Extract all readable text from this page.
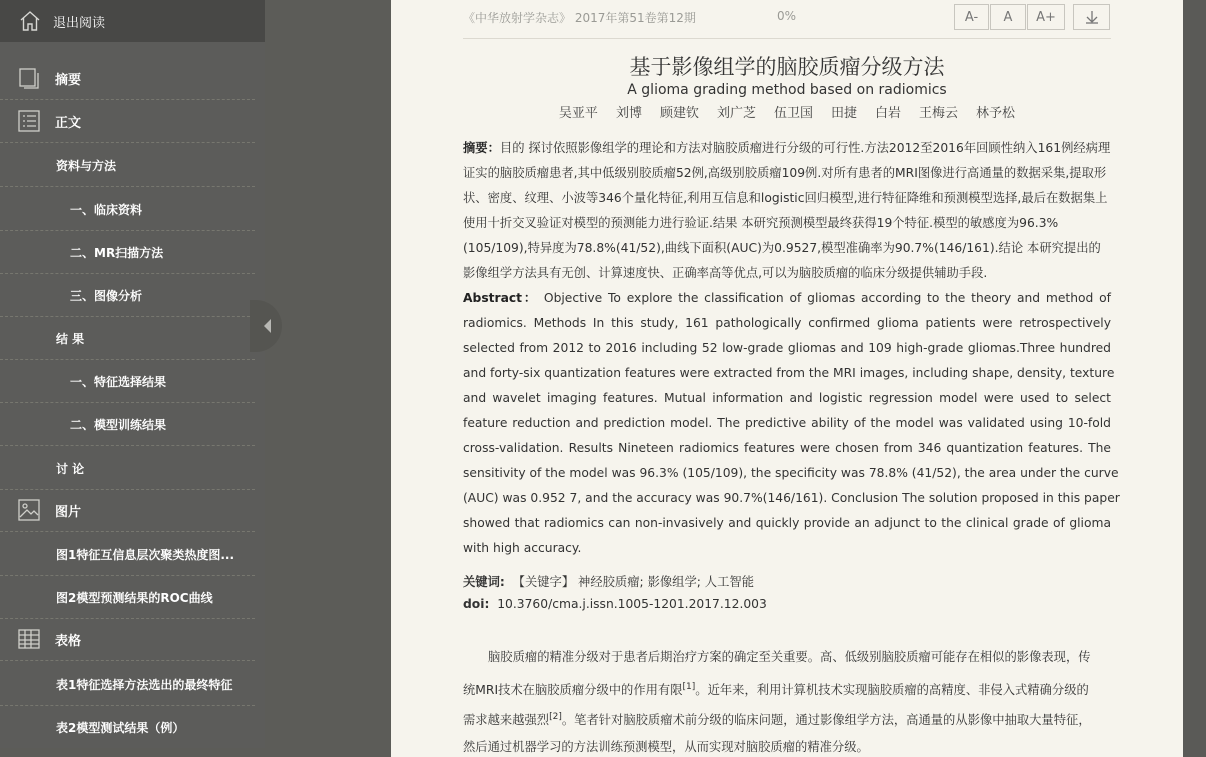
退出阅读
摘要
正文
资料与方法
一、临床资料
二、MR扫描方法
三、图像分析
结 果
一、特征选择结果
二、模型训练结果
讨 论
图片
图1特征互信息层次聚类热度图...
图2模型预测结果的ROC曲线
表格
表1特征选择方法选出的最终特征
表2模型测试结果（例）
《中华放射学杂志》 2017年第51卷第12期	0%	A-	A	A+
基于影像组学的脑胶质瘤分级方法
A glioma grading method based on radiomics
吴亚平 刘博 顾建钦 刘广芝 伍卫国 田捷 白岩 王梅云 林予松
摘要：目的 探讨依照影像组学的理论和方法对脑胶质瘤进行分级的可行性.方法2012至2016年回顾性纳入161例经病理证实的脑胶质瘤患者,其中低级别胶质瘤52例,高级别胶质瘤109例.对所有患者的MRI图像进行高通量的数据采集,提取形状、密度、纹理、小波等346个量化特征,利用互信息和logistic回归模型,进行特征降维和预测模型选择,最后在数据集上使用十折交叉验证对模型的预测能力进行验证.结果 本研究预测模型最终获得19个特征.模型的敏感度为96.3%(105/109),特异度为78.8%(41/52),曲线下面积(AUC)为0.9527,模型准确率为90.7%(146/161).结论 本研究提出的影像组学方法具有无创、计算速度快、正确率高等优点,可以为脑胶质瘤的临床分级提供辅助手段.
Abstract： Objective To explore the classification of gliomas according to the theory and method of
radiomics. Methods In this study, 161 pathologically confirmed glioma patients were retrospectively
selected from 2012 to 2016 including 52 low-grade gliomas and 109 high-grade gliomas.Three hundred
and forty-six quantization features were extracted from the MRI images, including shape, density, texture
and wavelet imaging features. Mutual information and logistic regression model were used to select
feature reduction and prediction model. The predictive ability of the model was validated using 10-fold
cross-validation. Results Nineteen radiomics features were chosen from 346 quantization features. The
sensitivity of the model was 96.3% (105/109), the specificity was 78.8% (41/52), the area under the curve
(AUC) was 0.952 7, and the accuracy was 90.7%(146/161). Conclusion The solution proposed in this paper
showed that radiomics can non-invasively and quickly provide an adjunct to the clinical grade of glioma
with high accuracy.
关键词: 【关键字】 神经胶质瘤; 影像组学; 人工智能
doi: 10.3760/cma.j.issn.1005-1201.2017.12.003
脑胶质瘤的精准分级对于患者后期治疗方案的确定至关重要。高、低级别脑胶质瘤可能存在相似的影像表现，传
统MRI技术在脑胶质瘤分级中的作用有限[1]。近年来，利用计算机技术实现脑胶质瘤的高精度、非侵入式精确分级的
需求越来越强烈[2]。笔者针对脑胶质瘤术前分级的临床问题，通过影像组学方法，高通量的从影像中抽取大量特征，
然后通过机器学习的方法训练预测模型，从而实现对脑胶质瘤的精准分级。
